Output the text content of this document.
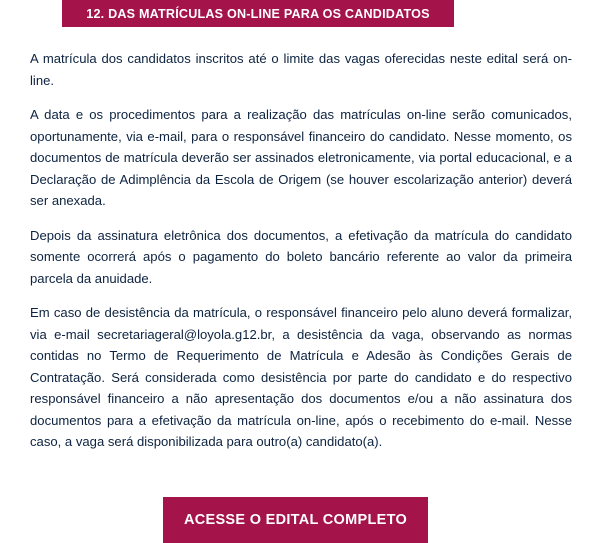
12. DAS MATRÍCULAS ON-LINE PARA OS CANDIDATOS

A matrícula dos candidatos inscritos até o limite das vagas oferecidas neste edital será on-line.

A data e os procedimentos para a realização das matrículas on-line serão comunicados, oportunamente, via e-mail, para o responsável financeiro do candidato. Nesse momento, os documentos de matrícula deverão ser assinados eletronicamente, via portal educacional, e a Declaração de Adimplência da Escola de Origem (se houver escolarização anterior) deverá ser anexada.

Depois da assinatura eletrônica dos documentos, a efetivação da matrícula do candidato somente ocorrerá após o pagamento do boleto bancário referente ao valor da primeira parcela da anuidade.

Em caso de desistência da matrícula, o responsável financeiro pelo aluno deverá formalizar, via e-mail secretariageral@loyola.g12.br, a desistência da vaga, observando as normas contidas no Termo de Requerimento de Matrícula e Adesão às Condições Gerais de Contratação. Será considerada como desistência por parte do candidato e do respectivo responsável financeiro a não apresentação dos documentos e/ou a não assinatura dos documentos para a efetivação da matrícula on-line, após o recebimento do e-mail. Nesse caso, a vaga será disponibilizada para outro(a) candidato(a).

ACESSE O EDITAL COMPLETO
